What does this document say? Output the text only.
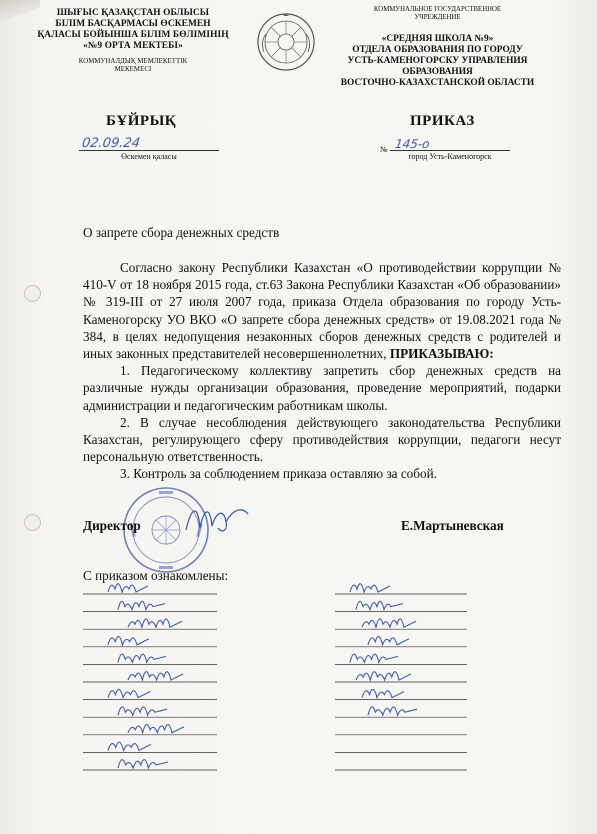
ШЫҒЫС ҚАЗАҚСТАН ОБЛЫСЫ
БІЛІМ БАСҚАРМАСЫ ӨСКЕМЕН
ҚАЛАСЫ БОЙЫНША БІЛІМ БӨЛІМІНІҢ
«№9 ОРТА МЕКТЕБІ»
КОММУНАЛДЫҚ МЕМЛЕКЕТТІК
МЕКЕМЕСІ
КОММУНАЛЬНОЕ ГОСУДАРСТВЕННОЕ
УЧРЕЖДЕНИЕ
«СРЕДНЯЯ ШКОЛА №9»
ОТДЕЛА ОБРАЗОВАНИЯ ПО ГОРОДУ
УСТЬ-КАМЕНОГОРСКУ УПРАВЛЕНИЯ
ОБРАЗОВАНИЯ
ВОСТОЧНО-КАЗАХСТАНСКОЙ ОБЛАСТИ
БҰЙРЫҚ	ПРИКАЗ
02.09.24
Өскемен қаласы
№ 145-о
город Усть-Каменогорск
О запрете сбора денежных средств

Согласно закону Республики Казахстан «О противодействии коррупции № 410-V от 18 ноября 2015 года, ст.63 Закона Республики Казахстан «Об образовании» № 319-III от 27 июля 2007 года, приказа Отдела образования по городу Усть-Каменогорску УО ВКО «О запрете сбора денежных средств» от 19.08.2021 года № 384, в целях недопущения незаконных сборов денежных средств с родителей и иных законных представителей несовершеннолетних, ПРИКАЗЫВАЮ:

1. Педагогическому коллективу запретить сбор денежных средств на различные нужды организации образования, проведение мероприятий, подарки администрации и педагогическим работникам школы.

2. В случае несоблюдения действующего законодательства Республики Казахстан, регулирующего сферу противодействия коррупции, педагоги несут персональную ответственность.

3. Контроль за соблюдением приказа оставляю за собой.

Директор	Е.Мартыневская
С приказом ознакомлены:
